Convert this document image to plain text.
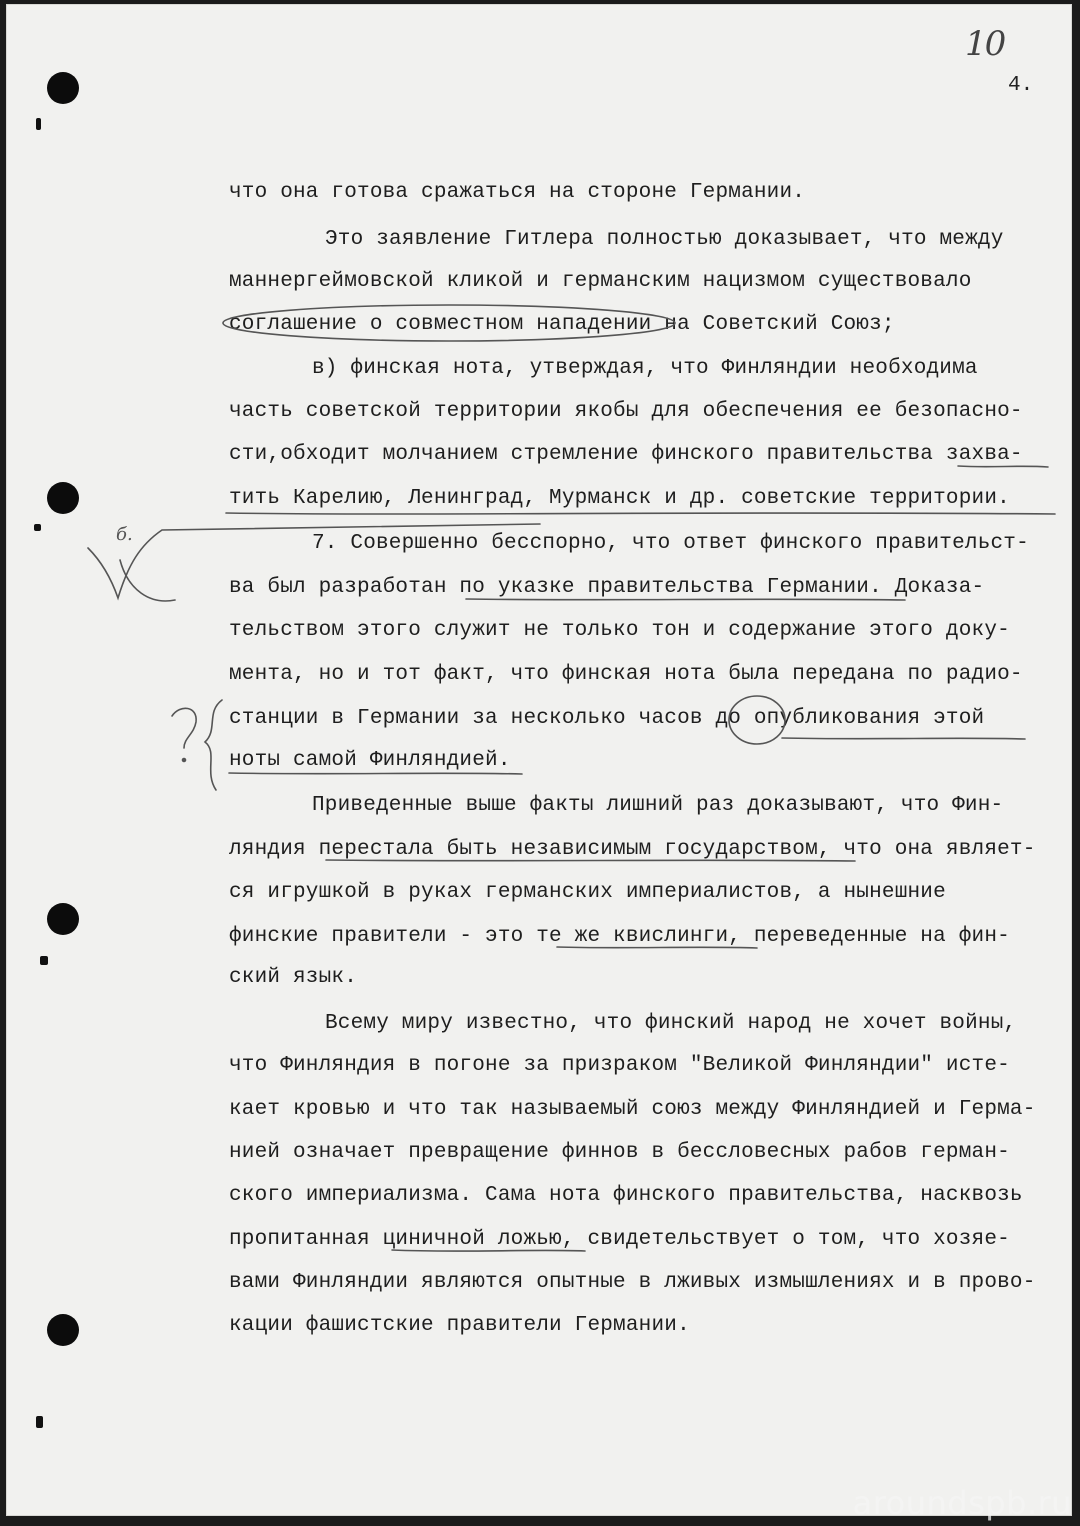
10
4.
что она готова сражаться на стороне Германии.
Это заявление Гитлера полностью доказывает, что между
маннергеймовской кликой и германским нацизмом существовало
соглашение о совместном нападении на Советский Союз;
в) финская нота, утверждая, что Финляндии необходима
часть советской территории якобы для обеспечения ее безопасно-
сти,обходит молчанием стремление финского правительства захва-
тить Карелию, Ленинград, Мурманск и др. советские территории.
7. Совершенно бесспорно, что ответ финского правительст-
ва был разработан по указке правительства Германии. Доказа-
тельством этого служит не только тон и содержание этого доку-
мента, но и тот факт, что финская нота была передана по радио-
станции в Германии за несколько часов до опубликования этой
ноты самой Финляндией.
Приведенные выше факты лишний раз доказывают, что Фин-
ляндия перестала быть независимым государством, что она являет-
ся игрушкой в руках германских империалистов, а нынешние
финские правители - это те же квислинги, переведенные на фин-
ский язык.
Всему миру известно, что финский народ не хочет войны,
что Финляндия в погоне за призраком "Великой Финляндии" исте-
кает кровью и что так называемый союз между Финляндией и Герма-
нией означает превращение финнов в бессловесных рабов герман-
ского империализма. Сама нота финского правительства, насквозь
пропитанная циничной ложью, свидетельствует о том, что хозяе-
вами Финляндии являются опытные в лживых измышлениях и в прово-
кации фашистские правители Германии.
б.
?
aroundspb.ru
